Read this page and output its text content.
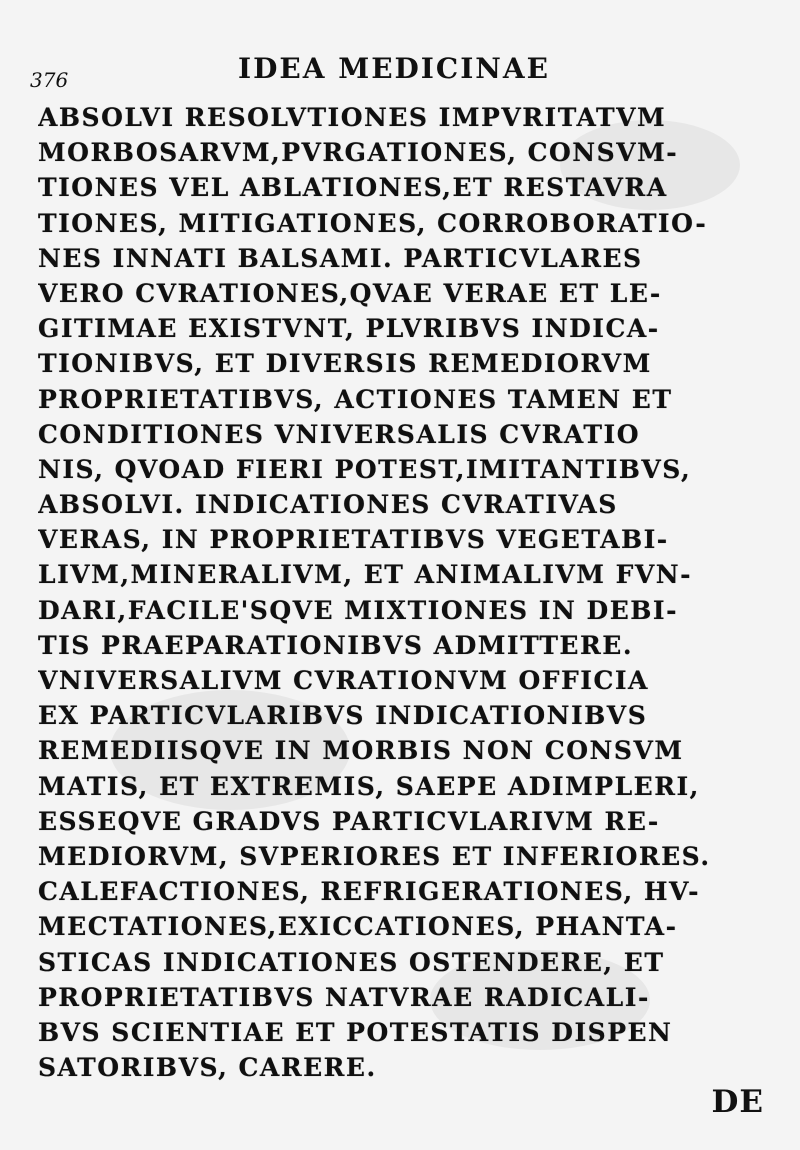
376	IDEA MEDICINAE
ABSOLVI RESOLVTIONES IMPVRITATVM
MORBOSARVM,PVRGATIONES, CONSVM-
TIONES VEL ABLATIONES,ET RESTAVRA
TIONES, MITIGATIONES, CORROBORATIO-
NES INNATI BALSAMI. PARTICVLARES
VERO CVRATIONES,QVAE VERAE ET LE-
GITIMAE EXISTVNT, PLVRIBVS INDICA-
TIONIBVS, ET DIVERSIS REMEDIORVM
PROPRIETATIBVS, ACTIONES TAMEN ET
CONDITIONES VNIVERSALIS CVRATIO
NIS, QVOAD FIERI POTEST,IMITANTIBVS,
ABSOLVI. INDICATIONES CVRATIVAS
VERAS, IN PROPRIETATIBVS VEGETABI-
LIVM,MINERALIVM, ET ANIMALIVM FVN-
DARI,FACILE'SQVE MIXTIONES IN DEBI-
TIS PRAEPARATIONIBVS ADMITTERE.
VNIVERSALIVM CVRATIONVM OFFICIA
EX PARTICVLARIBVS INDICATIONIBVS
REMEDIISQVE IN MORBIS NON CONSVM
MATIS, ET EXTREMIS, SAEPE ADIMPLERI,
ESSEQVE GRADVS PARTICVLARIVM RE-
MEDIORVM, SVPERIORES ET INFERIORES.
CALEFACTIONES, REFRIGERATIONES, HV-
MECTATIONES,EXICCATIONES, PHANTA-
STICAS INDICATIONES OSTENDERE, ET
PROPRIETATIBVS NATVRAE RADICALI-
BVS SCIENTIAE ET POTESTATIS DISPEN
SATORIBVS, CARERE.
DE
